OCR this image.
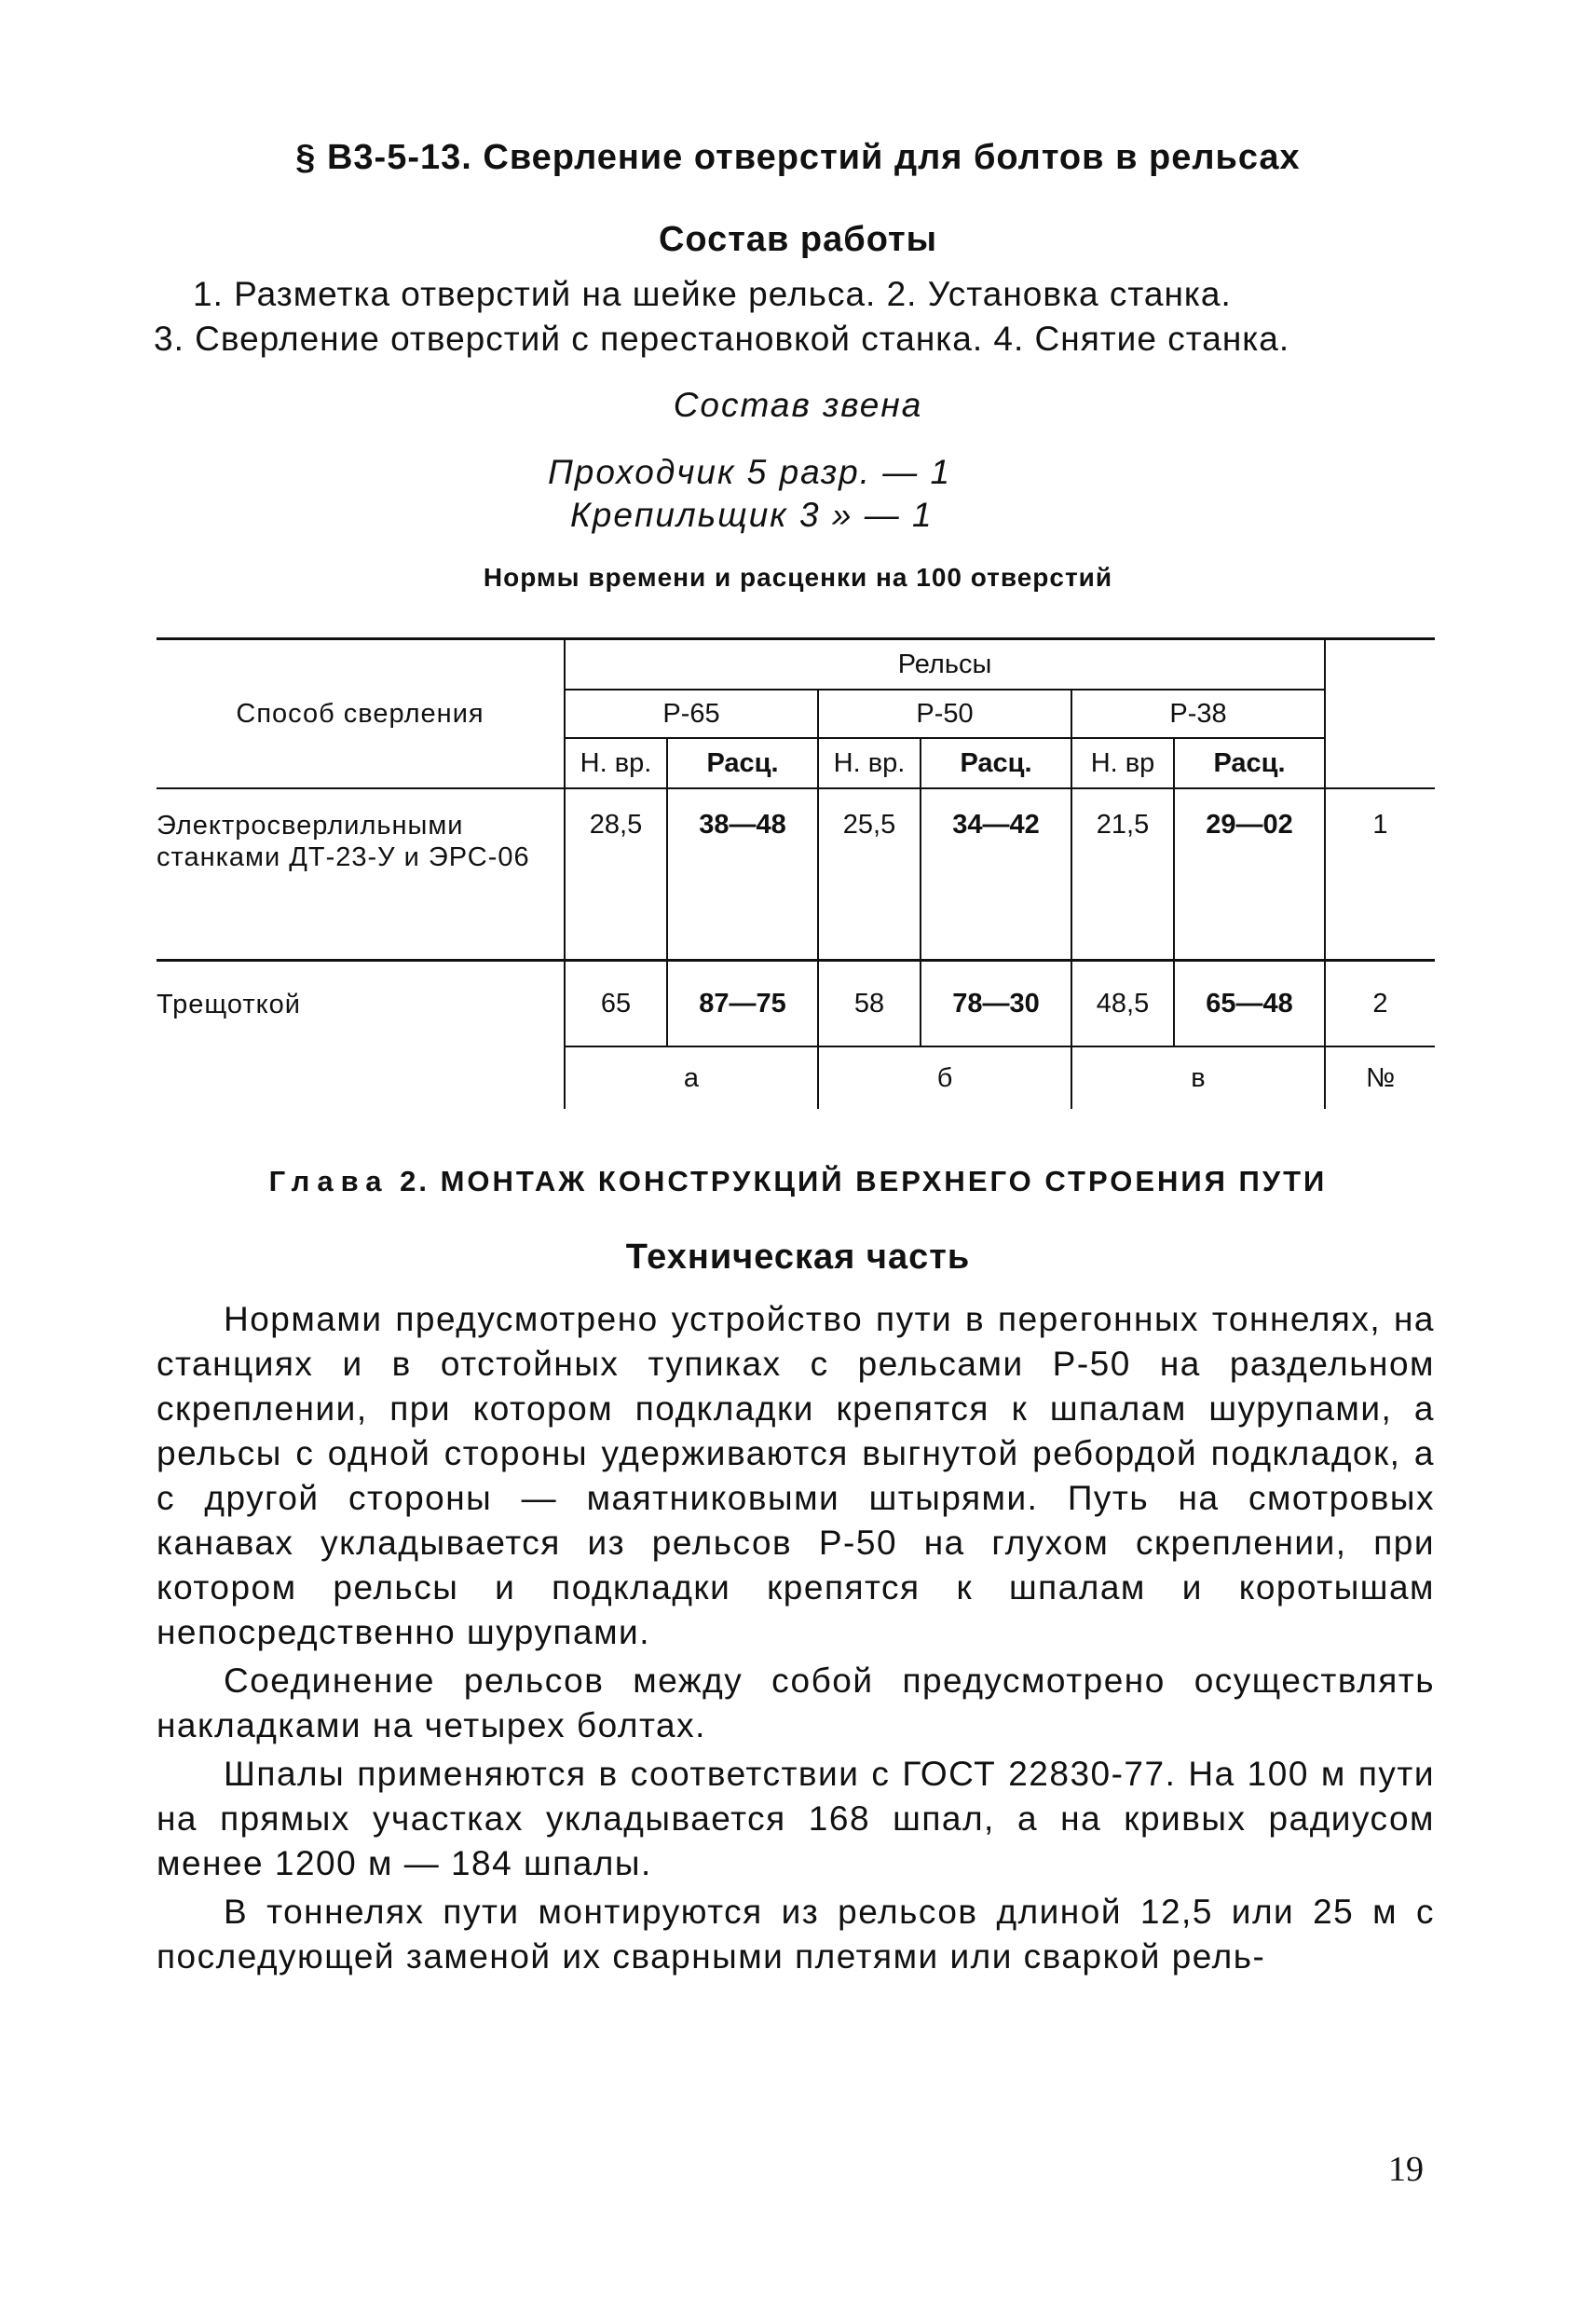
§ В3-5-13. Сверление отверстий для болтов в рельсах
Состав работы
1. Разметка отверстий на шейке рельса. 2. Установка станка.
3. Сверление отверстий с перестановкой станка. 4. Снятие станка.
Состав звена
Проходчик 5 разр. — 1
Крепильщик 3 » — 1
Нормы времени и расценки на 100 отверстий
Способ сверления	Рельсы						
	Р-65		Р-50		Р-38		
	Н. вр.	Расц.	Н. вр.	Расц.	Н. вр	Расц.	
Электросверлильными станками ДТ-23-У и ЭРС-06	28,5	38—48	25,5	34—42	21,5	29—02	1
Трещоткой	65	87—75	58	78—30	48,5	65—48	2
	а		б		в		№
Глава 2. МОНТАЖ КОНСТРУКЦИЙ ВЕРХНЕГО СТРОЕНИЯ ПУТИ
Техническая часть

Нормами предусмотрено устройство пути в перегонных тоннелях, на станциях и в отстойных тупиках с рельсами Р-50 на раздельном скреплении, при котором подкладки крепятся к шпалам шурупами, а рельсы с одной стороны удерживаются выгнутой ребордой подкладок, а с другой стороны — маятниковыми штырями. Путь на смотровых канавах укладывается из рельсов Р-50 на глухом скреплении, при котором рельсы и подкладки крепятся к шпалам и коротышам непосредственно шурупами.

Соединение рельсов между собой предусмотрено осуществлять накладками на четырех болтах.

Шпалы применяются в соответствии с ГОСТ 22830-77. На 100 м пути на прямых участках укладывается 168 шпал, а на кривых радиусом менее 1200 м — 184 шпалы.

В тоннелях пути монтируются из рельсов длиной 12,5 или 25 м с последующей заменой их сварными плетями или сваркой рель-

19
